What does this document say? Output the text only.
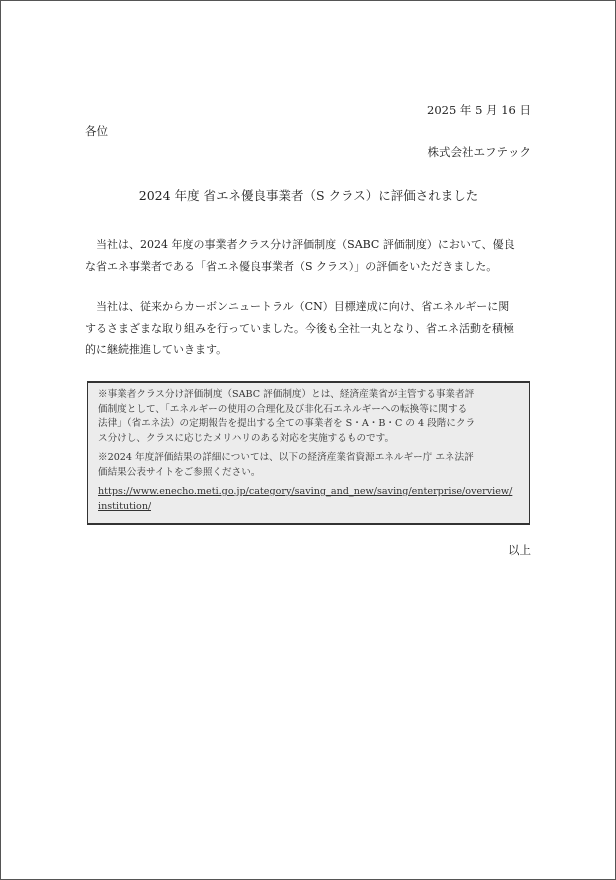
2025 年 5 月 16 日
各位
株式会社エフテック
2024 年度 省エネ優良事業者（S クラス）に評価されました
　当社は、2024 年度の事業者クラス分け評価制度（SABC 評価制度）において、優良
な省エネ事業者である「省エネ優良事業者（S クラス）」の評価をいただきました。
　当社は、従来からカーボンニュートラル（CN）目標達成に向け、省エネルギーに関
するさまざまな取り組みを行っていました。今後も全社一丸となり、省エネ活動を積極
的に継続推進していきます。

※事業者クラス分け評価制度（SABC 評価制度）とは、経済産業省が主管する事業者評
価制度として、「エネルギーの使用の合理化及び非化石エネルギーへの転換等に関する
法律」（省エネ法）の定期報告を提出する全ての事業者を S・A・B・C の 4 段階にクラ
ス分けし、クラスに応じたメリハリのある対応を実施するものです。

※2024 年度評価結果の詳細については、以下の経済産業省資源エネルギー庁 エネ法評
価結果公表サイトをご参照ください。

https://www.enecho.meti.go.jp/category/saving_and_new/saving/enterprise/overview/
institution/

以上
